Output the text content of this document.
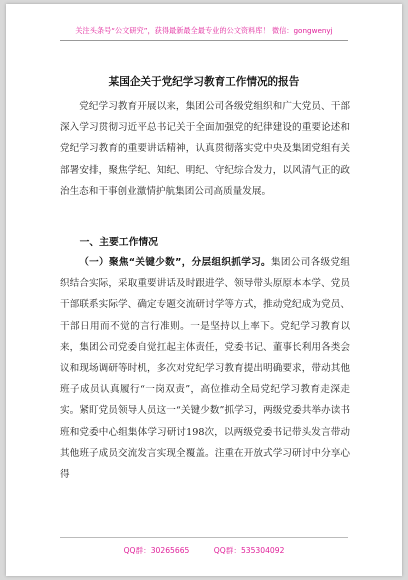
关注头条号“公文研究”，获得最新最全最专业的公文资料库！ 微信：gongwenyj
某国企关于党纪学习教育工作情况的报告

党纪学习教育开展以来，集团公司各级党组织和广大党员、干部深入学习贯彻习近平总书记关于全面加强党的纪律建设的重要论述和党纪学习教育的重要讲话精神，认真贯彻落实党中央及集团党组有关部署安排，聚焦学纪、知纪、明纪、守纪综合发力，以风清气正的政治生态和干事创业激情护航集团公司高质量发展。

一、主要工作情况

（一）聚焦“关键少数”，分层组织抓学习。集团公司各级党组织结合实际，采取重要讲话及时跟进学、领导带头原原本本学、党员干部联系实际学、确定专题交流研讨学等方式，推动党纪成为党员、干部日用而不觉的言行准则。一是坚持以上率下。党纪学习教育以来，集团公司党委自觉扛起主体责任，党委书记、董事长利用各类会议和现场调研等时机，多次对党纪学习教育提出明确要求，带动其他班子成员认真履行“一岗双责”，高位推动全局党纪学习教育走深走实。紧盯党员领导人员这一“关键少数”抓学习，两级党委共举办读书班和党委中心组集体学习研讨198次，以两级党委书记带头发言带动其他班子成员交流发言实现全覆盖。注重在开放式学习研讨中分享心得

QQ群：30265665	QQ群：535304092
